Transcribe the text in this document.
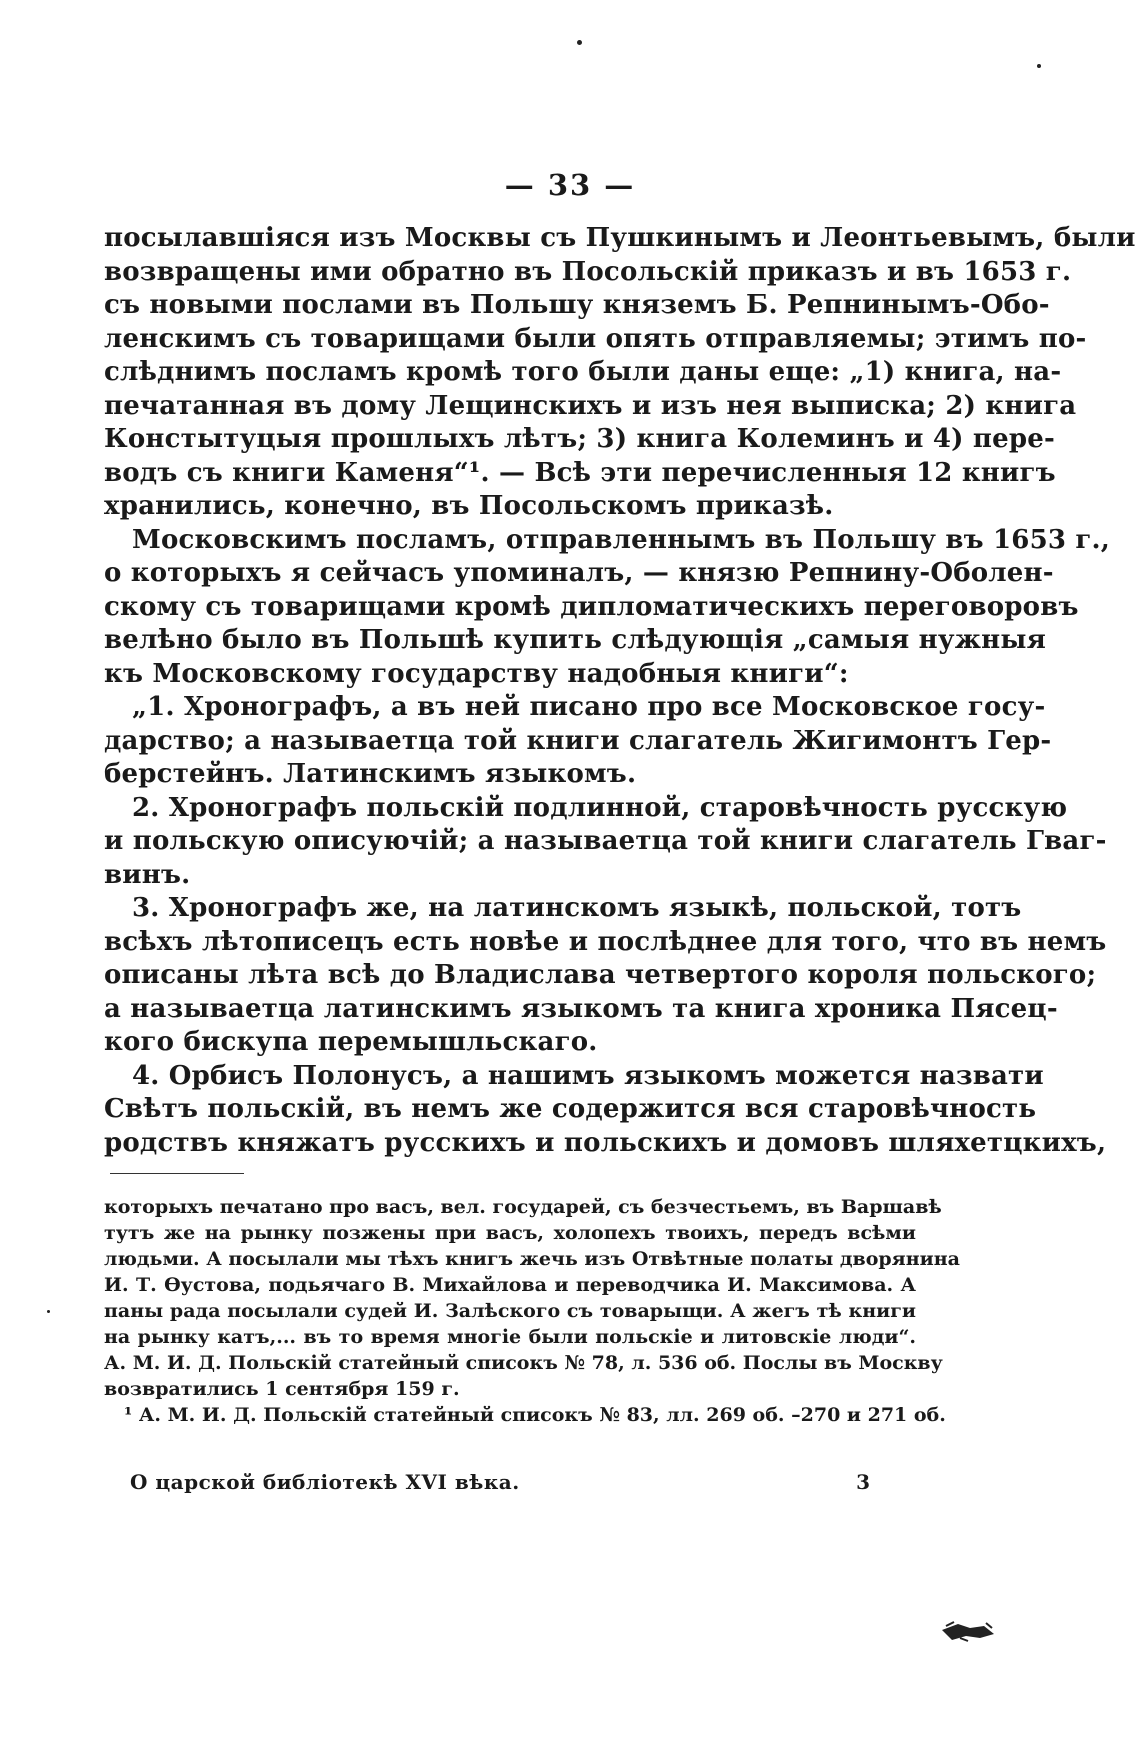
— 33 —
посылавшіяся изъ Москвы съ Пушкинымъ и Леонтьевымъ, были
возвращены ими обратно въ Посольскій приказъ и въ 1653 г.
съ новыми послами въ Польшу княземъ Б. Репнинымъ-Обо-
ленскимъ съ товарищами были опять отправляемы; этимъ по-
слѣднимъ посламъ кромѣ того были даны еще: „1) книга, на-
печатанная въ дому Лещинскихъ и изъ нея выписка; 2) книга
Констытуцыя прошлыхъ лѣтъ; 3) книга Колеминъ и 4) пере-
водъ съ книги Каменя“¹. — Всѣ эти перечисленныя 12 книгъ
хранились, конечно, въ Посольскомъ приказѣ.
Московскимъ посламъ, отправленнымъ въ Польшу въ 1653 г.,
о которыхъ я сейчасъ упоминалъ, — князю Репнину-Оболен-
скому съ товарищами кромѣ дипломатическихъ переговоровъ
велѣно было въ Польшѣ купить слѣдующія „самыя нужныя
къ Московскому государству надобныя книги“:
„1. Хронографъ, а въ ней писано про все Московское госу-
дарство; а называетца той книги слагатель Жигимонтъ Гер-
берстейнъ. Латинскимъ языкомъ.
2. Хронографъ польскій подлинной, старовѣчность русскую
и польскую описуючій; а называетца той книги слагатель Гваг-
винъ.
3. Хронографъ же, на латинскомъ языкѣ, польской, тотъ
всѣхъ лѣтописецъ есть новѣе и послѣднее для того, что въ немъ
описаны лѣта всѣ до Владислава четвертого короля польского;
а называетца латинскимъ языкомъ та книга хроника Пясец-
кого бискупа перемышльскаго.
4. Орбисъ Полонусъ, а нашимъ языкомъ можется назвати
Свѣтъ польскій, въ немъ же содержится вся старовѣчность
родствъ княжатъ русскихъ и польскихъ и домовъ шляхетцкихъ,
которыхъ печатано про васъ, вел. государей, съ безчестьемъ, въ Варшавѣ
тутъ же на рынку позжены при васъ, холопехъ твоихъ, передъ всѣми
людьми. А посылали мы тѣхъ книгъ жечь изъ Отвѣтные полаты дворянина
И. Т. Ѳустова, подьячаго В. Михайлова и переводчика И. Максимова. А
паны рада посылали судей И. Залѣского съ товарыщи. А жегъ тѣ книги
на рынку катъ,... въ то время многіе были польскіе и литовскіе люди“.
А. М. И. Д. Польскій статейный списокъ № 78, л. 536 об. Послы въ Москву
возвратились 1 сентября 159 г.
¹ А. М. И. Д. Польскій статейный списокъ № 83, лл. 269 об. –270 и 271 об.
О царской библіотекѣ XVI вѣка.	3
